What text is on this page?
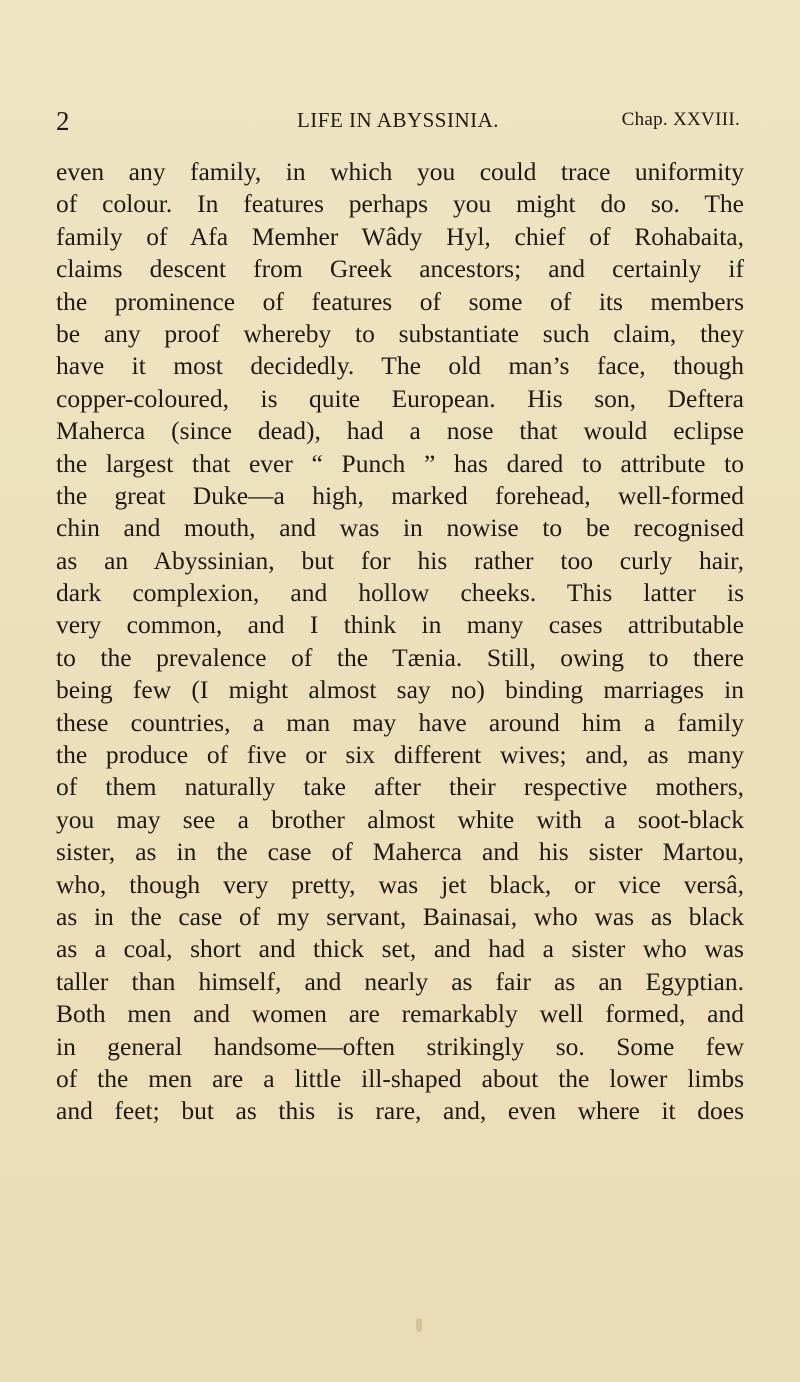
2	LIFE IN ABYSSINIA.	Chap. XXVIII.
even any family, in which you could trace uniformity
of colour. In features perhaps you might do so. The
family of Afa Memher Wâdy Hyl, chief of Rohabaita,
claims descent from Greek ancestors; and certainly if
the prominence of features of some of its members
be any proof whereby to substantiate such claim, they
have it most decidedly. The old man’s face, though
copper-coloured, is quite European. His son, Deftera
Maherca (since dead), had a nose that would eclipse
the largest that ever “ Punch ” has dared to attribute to
the great Duke—a high, marked forehead, well-formed
chin and mouth, and was in nowise to be recognised
as an Abyssinian, but for his rather too curly hair,
dark complexion, and hollow cheeks. This latter is
very common, and I think in many cases attributable
to the prevalence of the Tænia. Still, owing to there
being few (I might almost say no) binding marriages in
these countries, a man may have around him a family
the produce of five or six different wives; and, as many
of them naturally take after their respective mothers,
you may see a brother almost white with a soot-black
sister, as in the case of Maherca and his sister Martou,
who, though very pretty, was jet black, or vice versâ,
as in the case of my servant, Bainasai, who was as black
as a coal, short and thick set, and had a sister who was
taller than himself, and nearly as fair as an Egyptian.
Both men and women are remarkably well formed, and
in general handsome—often strikingly so. Some few
of the men are a little ill-shaped about the lower limbs
and feet; but as this is rare, and, even where it does
